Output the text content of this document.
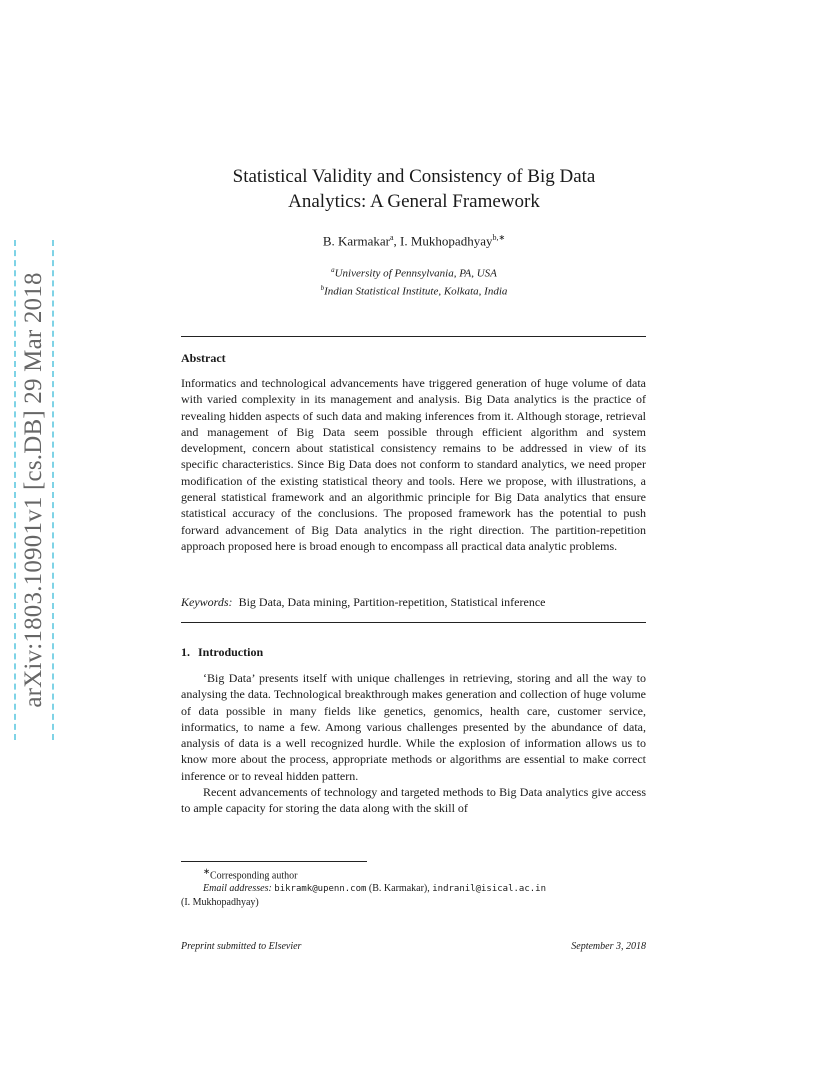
arXiv:1803.10901v1 [cs.DB] 29 Mar 2018
Statistical Validity and Consistency of Big Data
Analytics: A General Framework
B. Karmakar$^a$, I. Mukhopadhyay$^{b,∗}$
$^a$University of Pennsylvania, PA, USA
$^b$Indian Statistical Institute, Kolkata, India
Abstract
Informatics and technological advancements have triggered generation of huge volume of data with varied complexity in its management and analysis. Big Data analytics is the practice of revealing hidden aspects of such data and making inferences from it. Although storage, retrieval and management of Big Data seem possible through efficient algorithm and system development, concern about statistical consistency remains to be addressed in view of its specific characteristics. Since Big Data does not conform to standard analytics, we need proper modification of the existing statistical theory and tools. Here we propose, with illustrations, a general statistical framework and an algorithmic principle for Big Data analytics that ensure statistical accuracy of the conclusions. The proposed framework has the potential to push forward advancement of Big Data analytics in the right direction. The partition-repetition approach proposed here is broad enough to encompass all practical data analytic problems.
Keywords: Big Data, Data mining, Partition-repetition, Statistical inference
1. Introduction

‘Big Data’ presents itself with unique challenges in retrieving, storing and all the way to analysing the data. Technological breakthrough makes generation and collection of huge volume of data possible in many fields like genetics, genomics, health care, customer service, informatics, to name a few. Among various challenges presented by the abundance of data, analysis of data is a well recognized hurdle. While the explosion of information allows us to know more about the process, appropriate methods or algorithms are essential to make correct inference or to reveal hidden pattern.

Recent advancements of technology and targeted methods to Big Data analytics give access to ample capacity for storing the data along with the skill of

∗Corresponding author
Email addresses: bikramk@upenn.com (B. Karmakar), indranil@isical.ac.in
(I. Mukhopadhyay)
Preprint submitted to Elsevier	September 3, 2018
